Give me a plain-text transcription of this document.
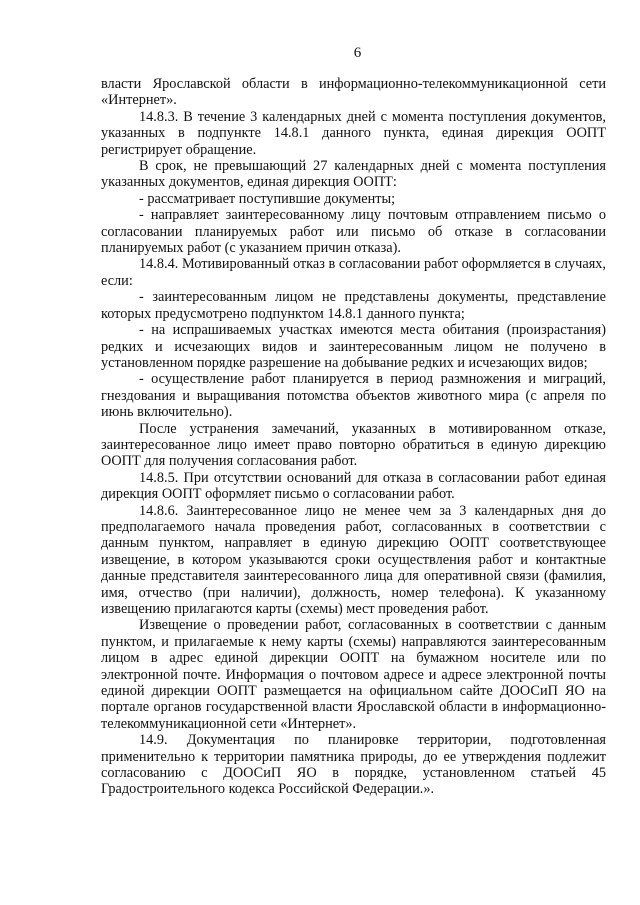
6

власти Ярославской области в информационно-телекоммуникационной сети «Интернет».

14.8.3. В течение 3 календарных дней с момента поступления документов, указанных в подпункте 14.8.1 данного пункта, единая дирекция ООПТ регистрирует обращение.

В срок, не превышающий 27 календарных дней с момента поступления указанных документов, единая дирекция ООПТ:

- рассматривает поступившие документы;

- направляет заинтересованному лицу почтовым отправлением письмо о согласовании планируемых работ или письмо об отказе в согласовании планируемых работ (с указанием причин отказа).

14.8.4. Мотивированный отказ в согласовании работ оформляется в случаях, если:

- заинтересованным лицом не представлены документы, представление которых предусмотрено подпунктом 14.8.1 данного пункта;

- на испрашиваемых участках имеются места обитания (произрастания) редких и исчезающих видов и заинтересованным лицом не получено в установленном порядке разрешение на добывание редких и исчезающих видов;

- осуществление работ планируется в период размножения и миграций, гнездования и выращивания потомства объектов животного мира (с апреля по июнь включительно).

После устранения замечаний, указанных в мотивированном отказе, заинтересованное лицо имеет право повторно обратиться в единую дирекцию ООПТ для получения согласования работ.

14.8.5. При отсутствии оснований для отказа в согласовании работ единая дирекция ООПТ оформляет письмо о согласовании работ.

14.8.6. Заинтересованное лицо не менее чем за 3 календарных дня до предполагаемого начала проведения работ, согласованных в соответствии с данным пунктом, направляет в единую дирекцию ООПТ соответствующее извещение, в котором указываются сроки осуществления работ и контактные данные представителя заинтересованного лица для оперативной связи (фамилия, имя, отчество (при наличии), должность, номер телефона). К указанному извещению прилагаются карты (схемы) мест проведения работ.

Извещение о проведении работ, согласованных в соответствии с данным пунктом, и прилагаемые к нему карты (схемы) направляются заинтересованным лицом в адрес единой дирекции ООПТ на бумажном носителе или по электронной почте. Информация о почтовом адресе и адресе электронной почты единой дирекции ООПТ размещается на официальном сайте ДООСиП ЯО на портале органов государственной власти Ярославской области в информационно-телекоммуникационной сети «Интернет».

14.9. Документация по планировке территории, подготовленная применительно к территории памятника природы, до ее утверждения подлежит согласованию с ДООСиП ЯО в порядке, установленном статьей 45 Градостроительного кодекса Российской Федерации.».
